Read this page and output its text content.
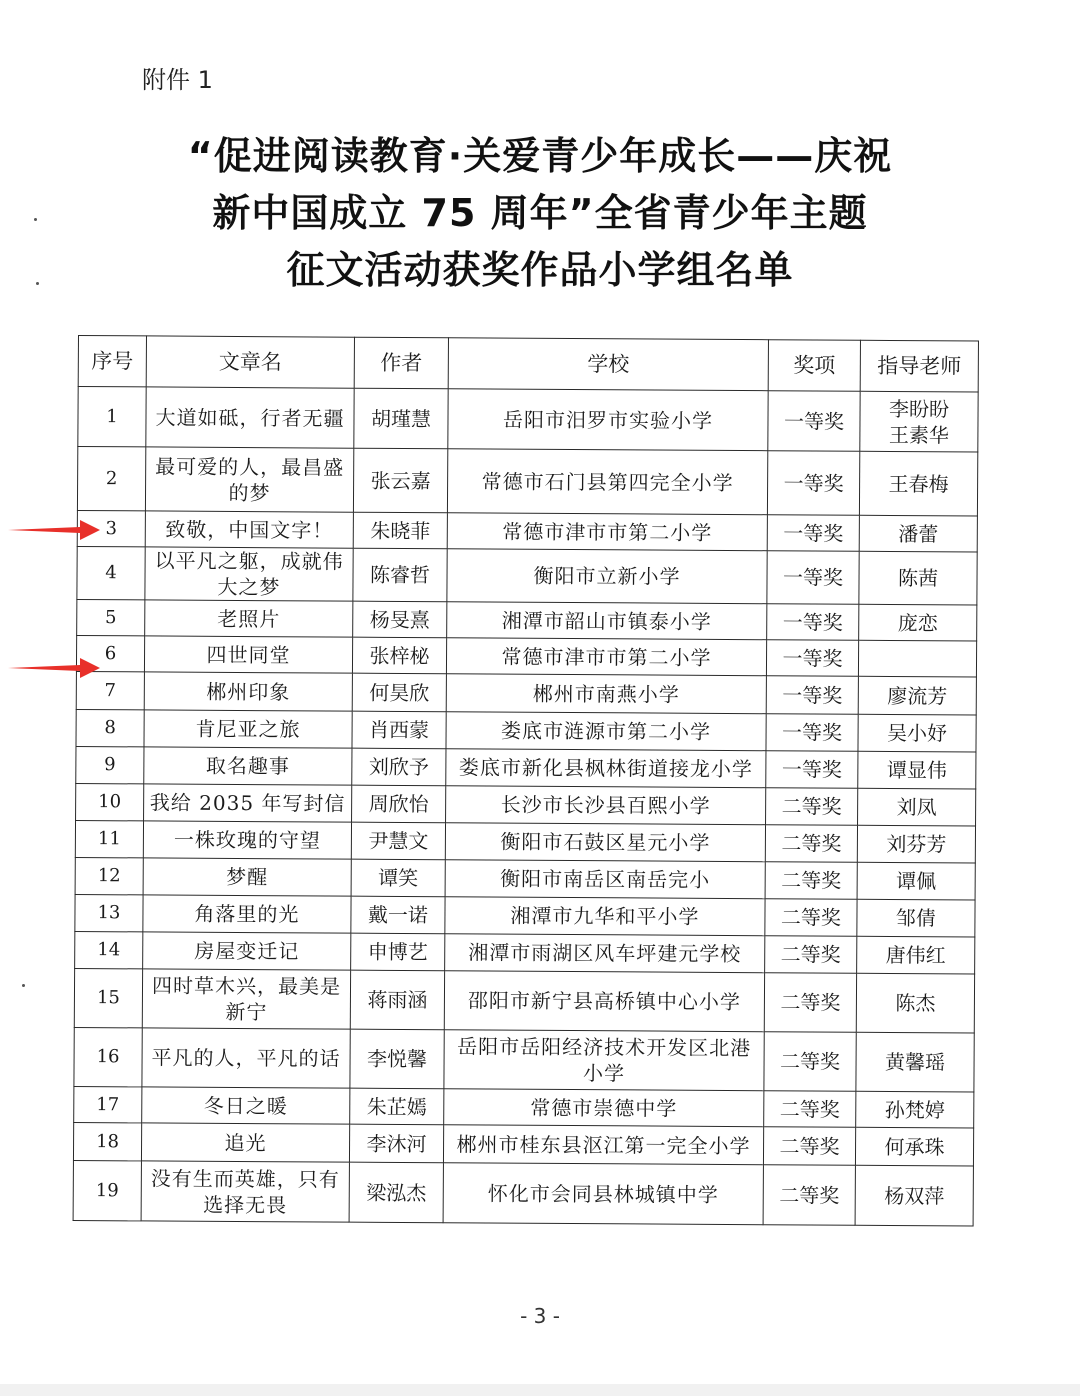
附件 1
“促进阅读教育·关爱青少年成长——庆祝
新中国成立 75 周年”全省青少年主题
征文活动获奖作品小学组名单
序号	文章名	作者	学校	奖项	指导老师
1	大道如砥，行者无疆	胡瑾慧	岳阳市汨罗市实验小学	一等奖	李盼盼
王素华
2	最可爱的人，最昌盛的梦	张云嘉	常德市石门县第四完全小学	一等奖	王春梅
3	致敬，中国文字！	朱晓菲	常德市津市市第二小学	一等奖	潘蕾
4	以平凡之躯，成就伟大之梦	陈睿哲	衡阳市立新小学	一等奖	陈茜
5	老照片	杨旻熹	湘潭市韶山市镇泰小学	一等奖	庞恋
6	四世同堂	张梓柲	常德市津市市第二小学	一等奖	
7	郴州印象	何昊欣	郴州市南燕小学	一等奖	廖流芳
8	肯尼亚之旅	肖西蒙	娄底市涟源市第二小学	一等奖	吴小妤
9	取名趣事	刘欣予	娄底市新化县枫林街道接龙小学	一等奖	谭显伟
10	我给 2035 年写封信	周欣怡	长沙市长沙县百熙小学	二等奖	刘凤
11	一株玫瑰的守望	尹慧文	衡阳市石鼓区星元小学	二等奖	刘芬芳
12	梦醒	谭笑	衡阳市南岳区南岳完小	二等奖	谭佩
13	角落里的光	戴一诺	湘潭市九华和平小学	二等奖	邹倩
14	房屋变迁记	申博艺	湘潭市雨湖区风车坪建元学校	二等奖	唐伟红
15	四时草木兴，最美是新宁	蒋雨涵	邵阳市新宁县高桥镇中心小学	二等奖	陈杰
16	平凡的人，平凡的话	李悦馨	岳阳市岳阳经济技术开发区北港小学	二等奖	黄馨瑶
17	冬日之暖	朱芷嫣	常德市崇德中学	二等奖	孙梵婷
18	追光	李沐河	郴州市桂东县沤江第一完全小学	二等奖	何承珠
19	没有生而英雄，只有选择无畏	梁泓杰	怀化市会同县林城镇中学	二等奖	杨双萍
- 3 -
